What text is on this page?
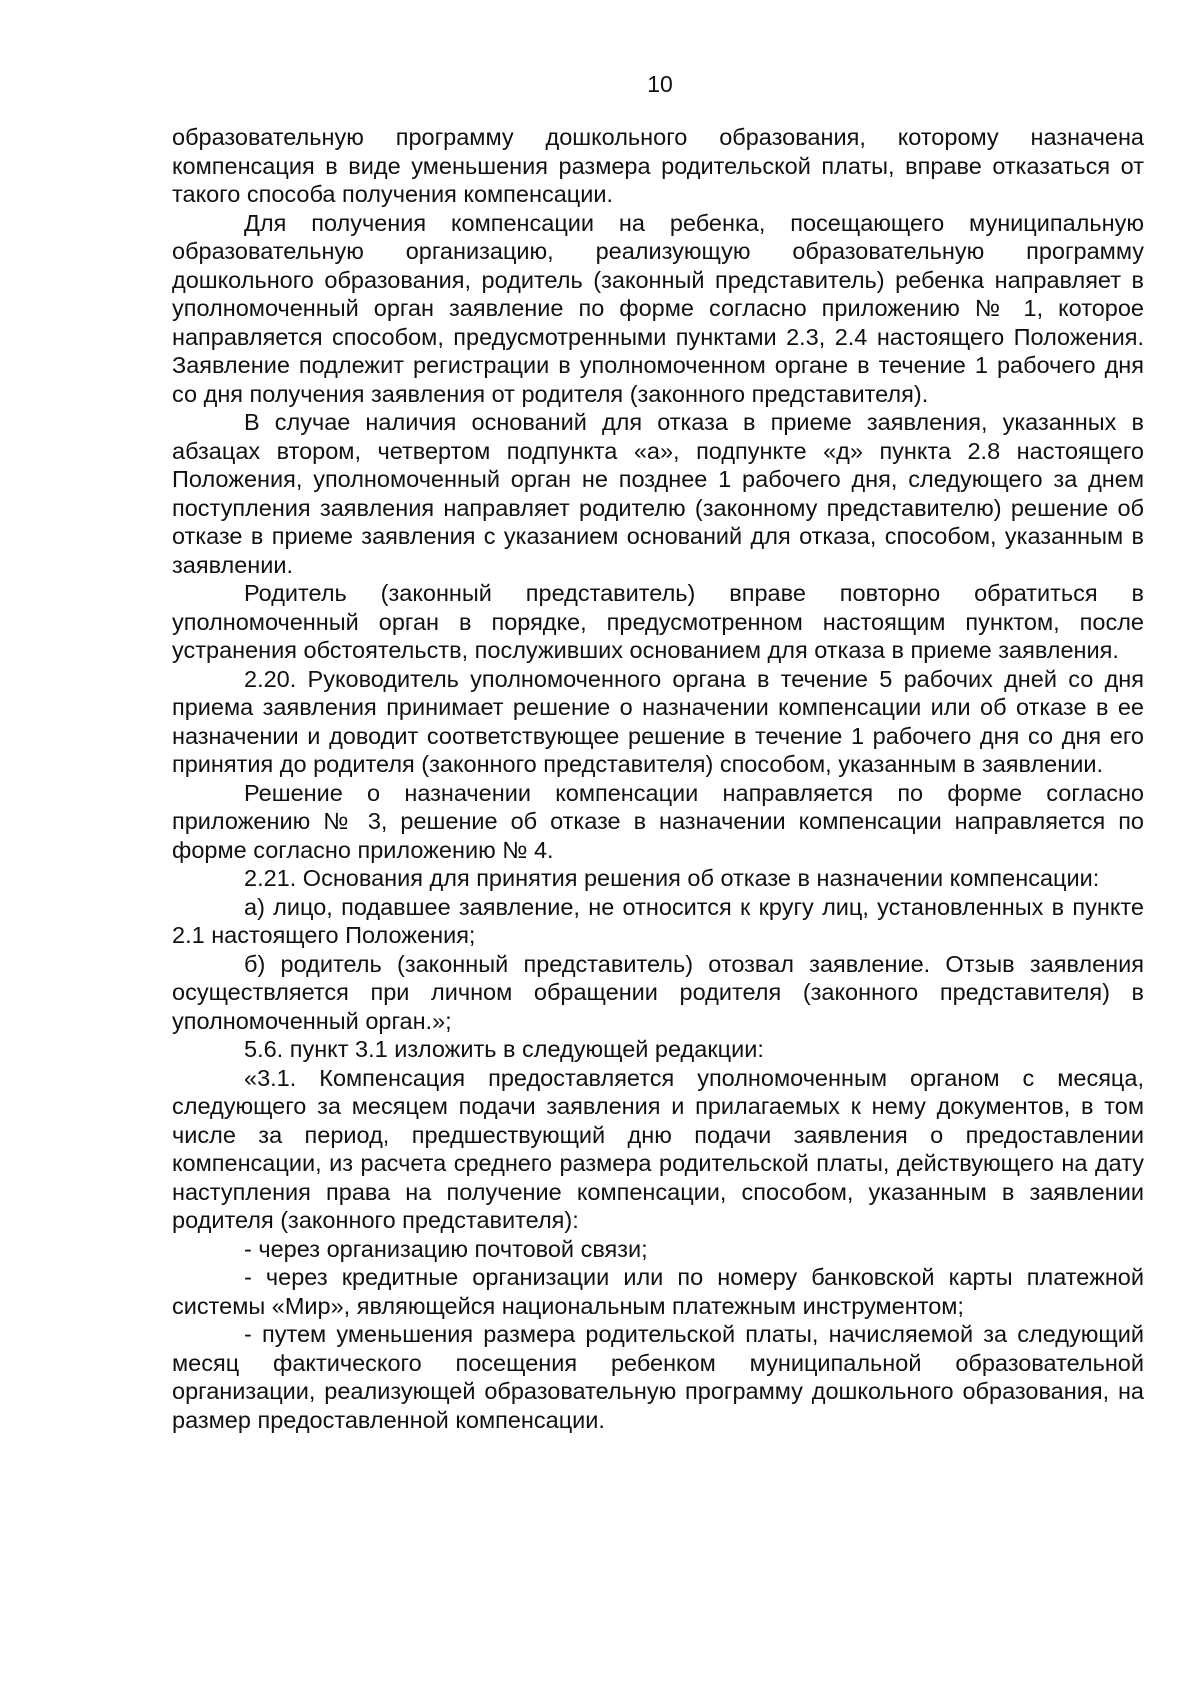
10

образовательную программу дошкольного образования, которому назначена компенсация в виде уменьшения размера родительской платы, вправе отказаться от такого способа получения компенсации.

Для получения компенсации на ребенка, посещающего муниципальную образовательную организацию, реализующую образовательную программу дошкольного образования, родитель (законный представитель) ребенка направляет в уполномоченный орган заявление по форме согласно приложению № 1, которое направляется способом, предусмотренными пунктами 2.3, 2.4 настоящего Положения. Заявление подлежит регистрации в уполномоченном органе в течение 1 рабочего дня со дня получения заявления от родителя (законного представителя).

В случае наличия оснований для отказа в приеме заявления, указанных в абзацах втором, четвертом подпункта «а», подпункте «д» пункта 2.8 настоящего Положения, уполномоченный орган не позднее 1 рабочего дня, следующего за днем поступления заявления направляет родителю (законному представителю) решение об отказе в приеме заявления с указанием оснований для отказа, способом, указанным в заявлении.

Родитель (законный представитель) вправе повторно обратиться в уполномоченный орган в порядке, предусмотренном настоящим пунктом, после устранения обстоятельств, послуживших основанием для отказа в приеме заявления.

2.20. Руководитель уполномоченного органа в течение 5 рабочих дней со дня приема заявления принимает решение о назначении компенсации или об отказе в ее назначении и доводит соответствующее решение в течение 1 рабочего дня со дня его принятия до родителя (законного представителя) способом, указанным в заявлении.

Решение о назначении компенсации направляется по форме согласно приложению № 3, решение об отказе в назначении компенсации направляется по форме согласно приложению № 4.

2.21. Основания для принятия решения об отказе в назначении компенсации:

а) лицо, подавшее заявление, не относится к кругу лиц, установленных в пункте 2.1 настоящего Положения;

б) родитель (законный представитель) отозвал заявление. Отзыв заявления осуществляется при личном обращении родителя (законного представителя) в уполномоченный орган.»;

5.6. пункт 3.1 изложить в следующей редакции:

«3.1. Компенсация предоставляется уполномоченным органом с месяца, следующего за месяцем подачи заявления и прилагаемых к нему документов, в том числе за период, предшествующий дню подачи заявления о предоставлении компенсации, из расчета среднего размера родительской платы, действующего на дату наступления права на получение компенсации, способом, указанным в заявлении родителя (законного представителя):

- через организацию почтовой связи;

- через кредитные организации или по номеру банковской карты платежной системы «Мир», являющейся национальным платежным инструментом;

- путем уменьшения размера родительской платы, начисляемой за следующий месяц фактического посещения ребенком муниципальной образовательной организации, реализующей образовательную программу дошкольного образования, на размер предоставленной компенсации.
